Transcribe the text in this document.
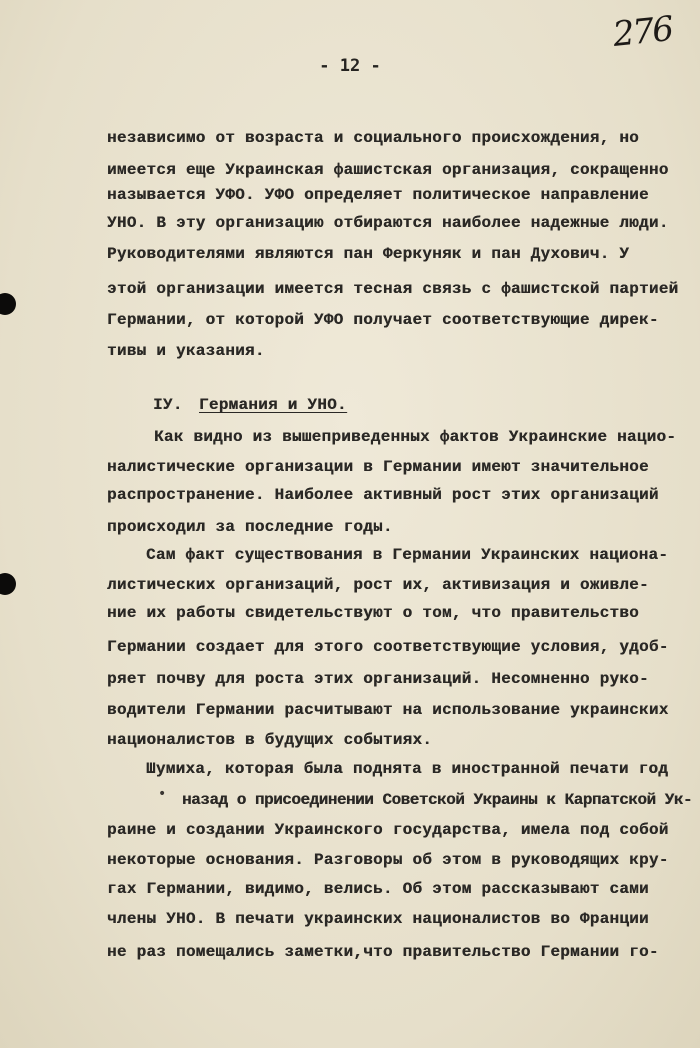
276
- 12 -
•
независимо от возраста и социального происхождения, но
имеется еще Украинская фашистская организация, сокращенно
называется УФО. УФО определяет политическое направление
УНО. В эту организацию отбираются наиболее надежные люди.
Руководителями являются пан Феркуняк и пан Духович. У
этой организации имеется тесная связь с фашистской партией
Германии, от которой УФО получает соответствующие дирек-
тивы и указания.
IУ. Германия и УНО.
Как видно из вышеприведенных фактов Украинские нацио-
налистические организации в Германии имеют значительное
распространение. Наиболее активный рост этих организаций
происходил за последние годы.
Сам факт существования в Германии Украинских национа-
листических организаций, рост их, активизация и оживле-
ние их работы свидетельствуют о том, что правительство
Германии создает для этого соответствующие условия, удоб-
ряет почву для роста этих организаций. Несомненно руко-
водители Германии расчитывают на использование украинских
националистов в будущих событиях.
Шумиха, которая была поднята в иностранной печати год
назад о присоединении Советской Украины к Карпатской Ук-
раине и создании Украинского государства, имела под собой
некоторые основания. Разговоры об этом в руководящих кру-
гах Германии, видимо, велись. Об этом рассказывают сами
члены УНО. В печати украинских националистов во Франции
не раз помещались заметки,что правительство Германии го-
